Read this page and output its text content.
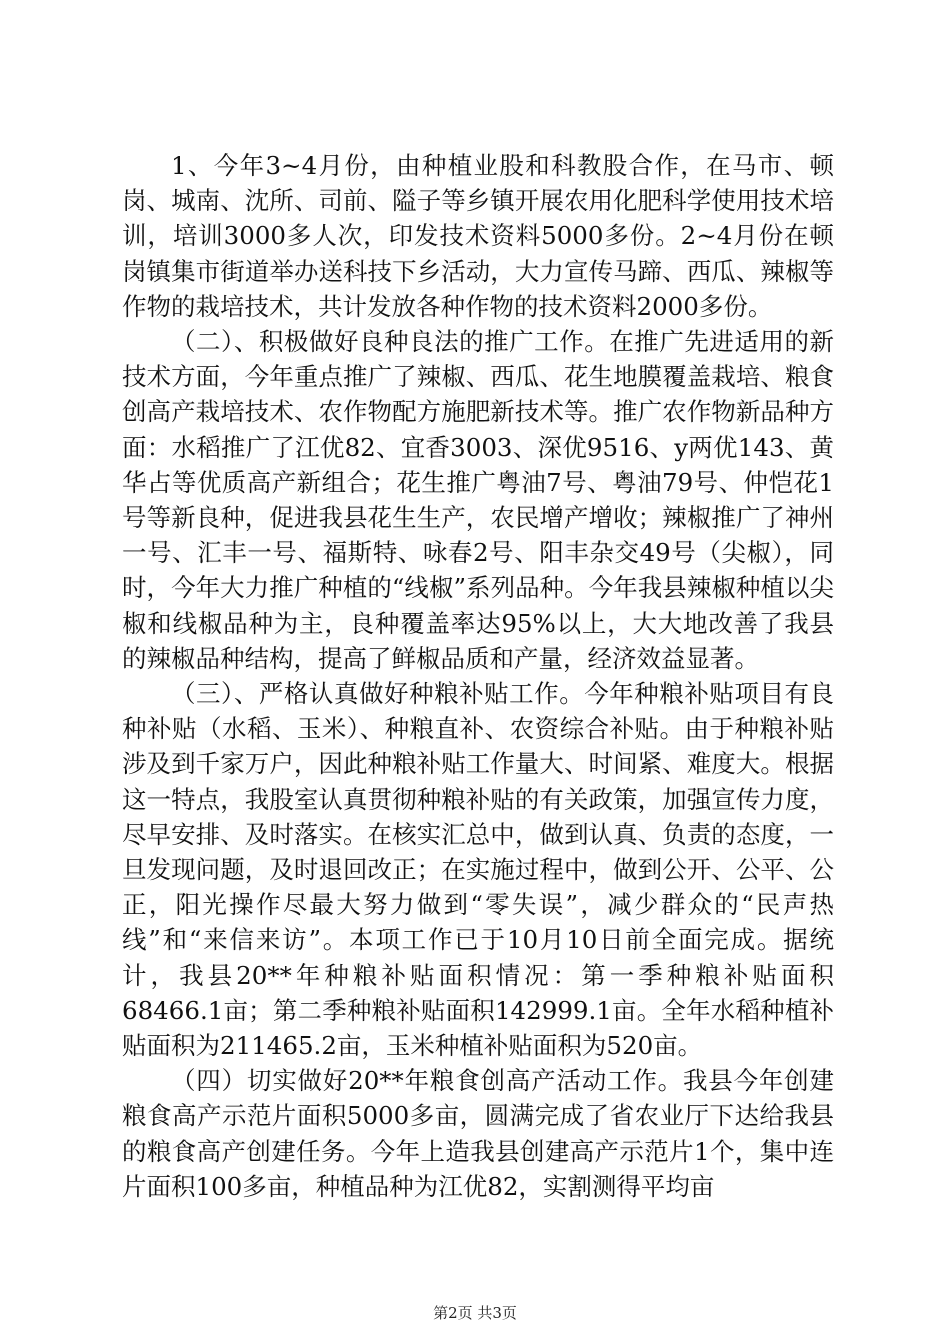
1、今年3~4月份，由种植业股和科教股合作，在马市、顿岗、城南、沈所、司前、隘子等乡镇开展农用化肥科学使用技术培训，培训3000多人次，印发技术资料5000多份。2~4月份在顿岗镇集市街道举办送科技下乡活动，大力宣传马蹄、西瓜、辣椒等作物的栽培技术，共计发放各种作物的技术资料2000多份。

（二）、积极做好良种良法的推广工作。在推广先进适用的新技术方面，今年重点推广了辣椒、西瓜、花生地膜覆盖栽培、粮食创高产栽培技术、农作物配方施肥新技术等。推广农作物新品种方面：水稻推广了江优82、宜香3003、深优9516、y两优143、黄华占等优质高产新组合；花生推广粤油7号、粤油79号、仲恺花1号等新良种，促进我县花生生产，农民增产增收；辣椒推广了神州一号、汇丰一号、福斯特、咏春2号、阳丰杂交49号（尖椒），同时，今年大力推广种植的“线椒”系列品种。今年我县辣椒种植以尖椒和线椒品种为主，良种覆盖率达95%以上，大大地改善了我县的辣椒品种结构，提高了鲜椒品质和产量，经济效益显著。

（三）、严格认真做好种粮补贴工作。今年种粮补贴项目有良种补贴（水稻、玉米）、种粮直补、农资综合补贴。由于种粮补贴涉及到千家万户，因此种粮补贴工作量大、时间紧、难度大。根据这一特点，我股室认真贯彻种粮补贴的有关政策，加强宣传力度，尽早安排、及时落实。在核实汇总中，做到认真、负责的态度，一旦发现问题，及时退回改正；在实施过程中，做到公开、公平、公正，阳光操作尽最大努力做到“零失误”，减少群众的“民声热线”和“来信来访”。本项工作已于10月10日前全面完成。据统计，我县20**年种粮补贴面积情况：第一季种粮补贴面积68466.1亩；第二季种粮补贴面积142999.1亩。全年水稻种植补贴面积为211465.2亩，玉米种植补贴面积为520亩。

（四）切实做好20**年粮食创高产活动工作。我县今年创建粮食高产示范片面积5000多亩，圆满完成了省农业厅下达给我县的粮食高产创建任务。今年上造我县创建高产示范片1个，集中连片面积100多亩，种植品种为江优82，实割测得平均亩

第2页 共3页
